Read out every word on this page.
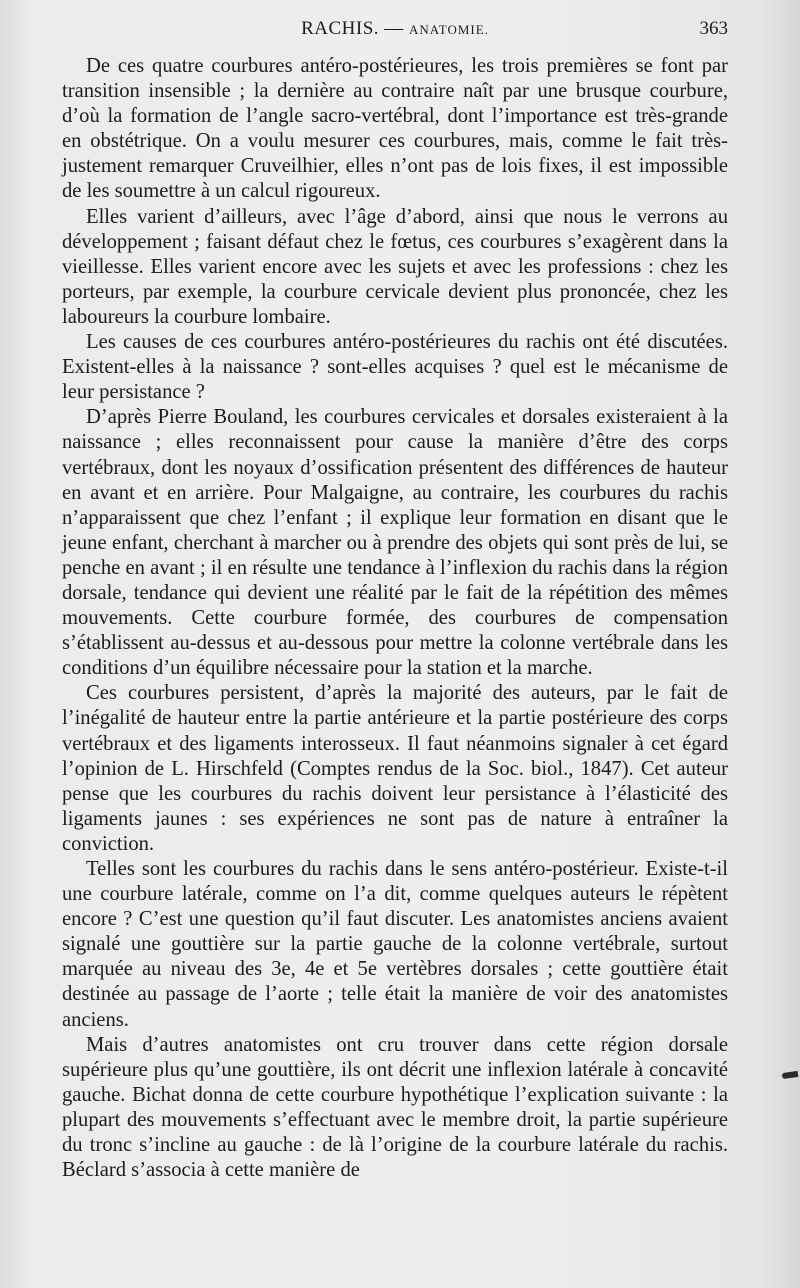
RACHIS. — ANATOMIE.	363

De ces quatre courbures antéro-postérieures, les trois premières se font par transition insensible ; la dernière au contraire naît par une brusque courbure, d’où la formation de l’angle sacro-vertébral, dont l’importance est très-grande en obstétrique. On a voulu mesurer ces courbures, mais, comme le fait très-justement remarquer Cruveilhier, elles n’ont pas de lois fixes, il est impossible de les soumettre à un calcul rigoureux.

Elles varient d’ailleurs, avec l’âge d’abord, ainsi que nous le verrons au développement ; faisant défaut chez le fœtus, ces courbures s’exagèrent dans la vieillesse. Elles varient encore avec les sujets et avec les professions : chez les porteurs, par exemple, la courbure cervicale devient plus prononcée, chez les laboureurs la courbure lombaire.

Les causes de ces courbures antéro-postérieures du rachis ont été discutées. Existent-elles à la naissance ? sont-elles acquises ? quel est le mécanisme de leur persistance ?

D’après Pierre Bouland, les courbures cervicales et dorsales existeraient à la naissance ; elles reconnaissent pour cause la manière d’être des corps vertébraux, dont les noyaux d’ossification présentent des différences de hauteur en avant et en arrière. Pour Malgaigne, au contraire, les courbures du rachis n’apparaissent que chez l’enfant ; il explique leur formation en disant que le jeune enfant, cherchant à marcher ou à prendre des objets qui sont près de lui, se penche en avant ; il en résulte une tendance à l’inflexion du rachis dans la région dorsale, tendance qui devient une réalité par le fait de la répétition des mêmes mouvements. Cette courbure formée, des courbures de compensation s’établissent au-dessus et au-dessous pour mettre la colonne vertébrale dans les conditions d’un équilibre nécessaire pour la station et la marche.

Ces courbures persistent, d’après la majorité des auteurs, par le fait de l’inégalité de hauteur entre la partie antérieure et la partie postérieure des corps vertébraux et des ligaments interosseux. Il faut néanmoins signaler à cet égard l’opinion de L. Hirschfeld (Comptes rendus de la Soc. biol., 1847). Cet auteur pense que les courbures du rachis doivent leur persistance à l’élasticité des ligaments jaunes : ses expériences ne sont pas de nature à entraîner la conviction.

Telles sont les courbures du rachis dans le sens antéro-postérieur. Existe-t-il une courbure latérale, comme on l’a dit, comme quelques auteurs le répètent encore ? C’est une question qu’il faut discuter. Les anatomistes anciens avaient signalé une gouttière sur la partie gauche de la colonne vertébrale, surtout marquée au niveau des 3e, 4e et 5e vertèbres dorsales ; cette gouttière était destinée au passage de l’aorte ; telle était la manière de voir des anatomistes anciens.

Mais d’autres anatomistes ont cru trouver dans cette région dorsale supérieure plus qu’une gouttière, ils ont décrit une inflexion latérale à concavité gauche. Bichat donna de cette courbure hypothétique l’explication suivante : la plupart des mouvements s’effectuant avec le membre droit, la partie supérieure du tronc s’incline au gauche : de là l’origine de la courbure latérale du rachis. Béclard s’associa à cette manière de
